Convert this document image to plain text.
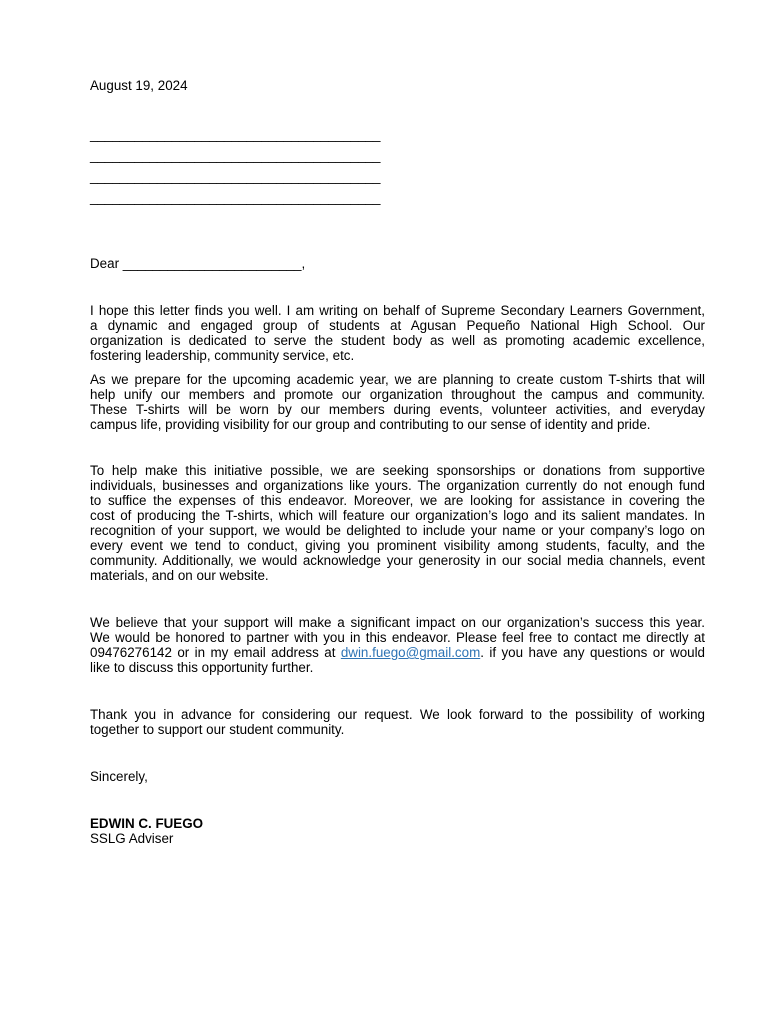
August 19, 2024
_______________________________________
_______________________________________
_______________________________________
_______________________________________
Dear ________________________,
I hope this letter finds you well. I am writing on behalf of Supreme Secondary Learners Government,
a dynamic and engaged group of students at Agusan Pequeño National High School. Our
organization is dedicated to serve the student body as well as promoting academic excellence,
fostering leadership, community service, etc.
As we prepare for the upcoming academic year, we are planning to create custom T-shirts that will
help unify our members and promote our organization throughout the campus and community.
These T-shirts will be worn by our members during events, volunteer activities, and everyday
campus life, providing visibility for our group and contributing to our sense of identity and pride.
To help make this initiative possible, we are seeking sponsorships or donations from supportive
individuals, businesses and organizations like yours. The organization currently do not enough fund
to suffice the expenses of this endeavor. Moreover, we are looking for assistance in covering the
cost of producing the T-shirts, which will feature our organization’s logo and its salient mandates. In
recognition of your support, we would be delighted to include your name or your company’s logo on
every event we tend to conduct, giving you prominent visibility among students, faculty, and the
community. Additionally, we would acknowledge your generosity in our social media channels, event
materials, and on our website.
We believe that your support will make a significant impact on our organization’s success this year.
We would be honored to partner with you in this endeavor. Please feel free to contact me directly at
09476276142 or in my email address at dwin.fuego@gmail.com. if you have any questions or would
like to discuss this opportunity further.
Thank you in advance for considering our request. We look forward to the possibility of working
together to support our student community.
Sincerely,
EDWIN C. FUEGO
SSLG Adviser
